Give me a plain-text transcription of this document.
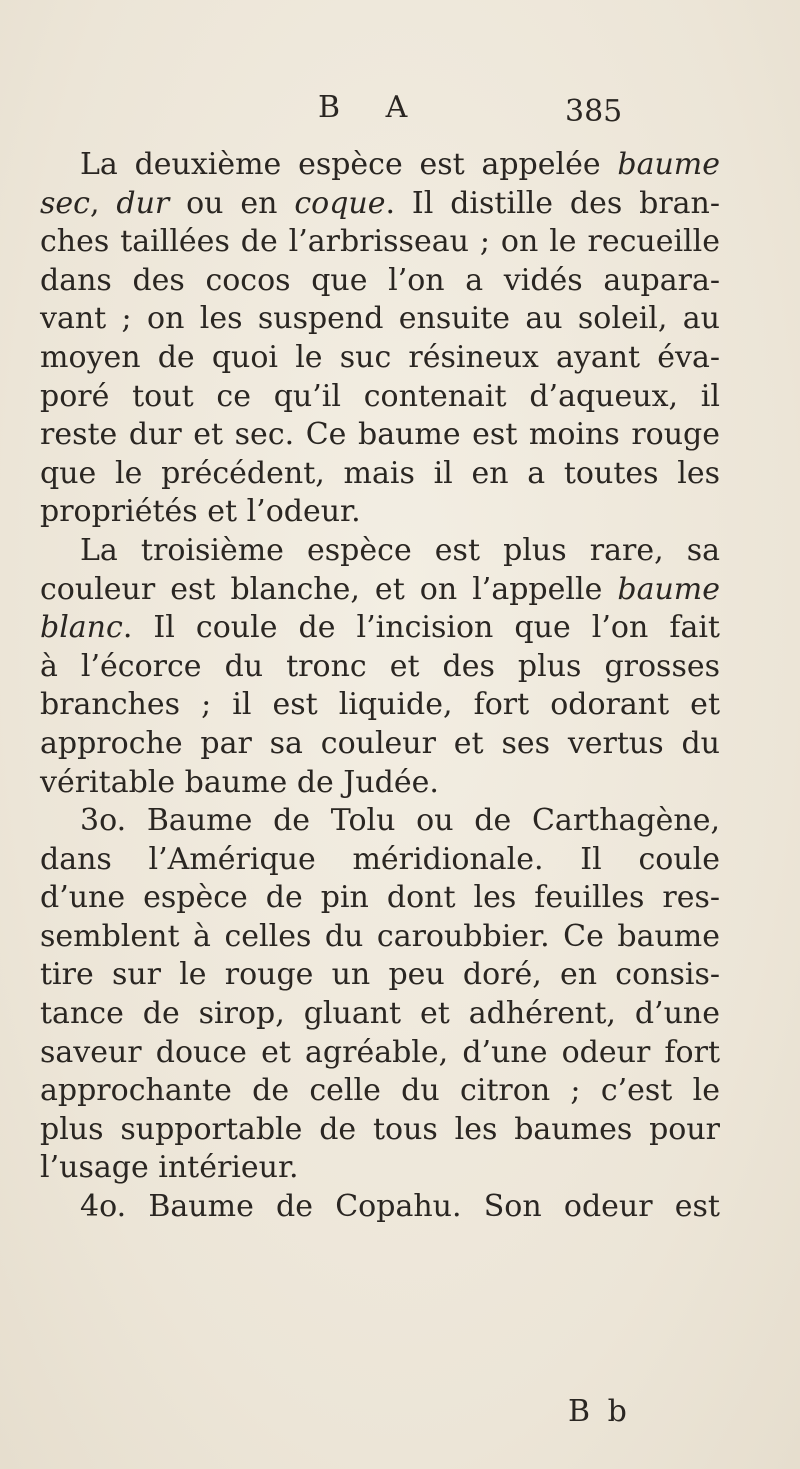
B A	385
La deuxième espèce est appelée baume
sec, dur ou en coque. Il distille des bran-
ches taillées de l’arbrisseau ; on le recueille
dans des cocos que l’on a vidés aupara-
vant ; on les suspend ensuite au soleil, au
moyen de quoi le suc résineux ayant éva-
poré tout ce qu’il contenait d’aqueux, il
reste dur et sec. Ce baume est moins rouge
que le précédent, mais il en a toutes les
propriétés et l’odeur.
La troisième espèce est plus rare, sa
couleur est blanche, et on l’appelle baume
blanc. Il coule de l’incision que l’on fait
à l’écorce du tronc et des plus grosses
branches ; il est liquide, fort odorant et
approche par sa couleur et ses vertus du
véritable baume de Judée.
3o. Baume de Tolu ou de Carthagène,
dans l’Amérique méridionale. Il coule
d’une espèce de pin dont les feuilles res-
semblent à celles du caroubbier. Ce baume
tire sur le rouge un peu doré, en consis-
tance de sirop, gluant et adhérent, d’une
saveur douce et agréable, d’une odeur fort
approchante de celle du citron ; c’est le
plus supportable de tous les baumes pour
l’usage intérieur.
4o. Baume de Copahu. Son odeur est
B b
